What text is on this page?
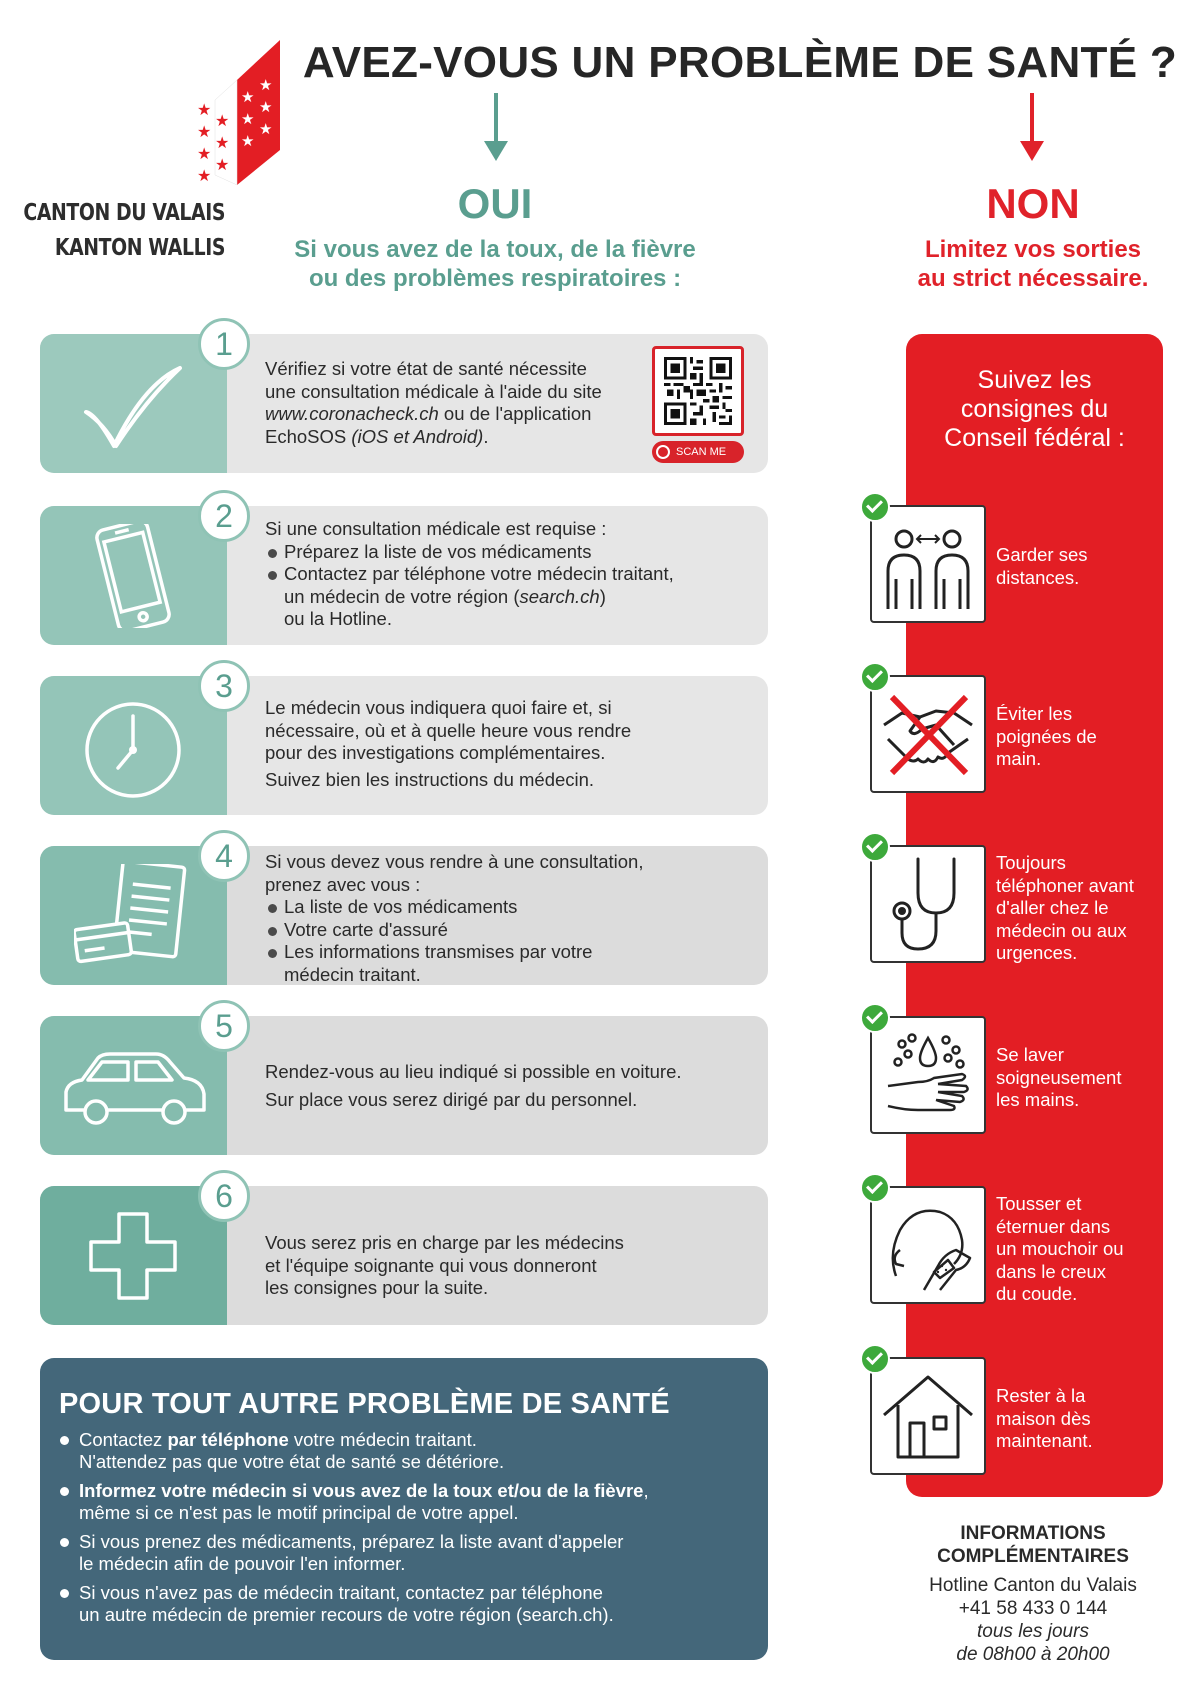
★
★
★
★
★
★
★
★
★
★
★
★
★
CANTON DU VALAIS
KANTON WALLIS
AVEZ-VOUS UN PROBLÈME DE SANTÉ ?
OUI	NON
Si vous avez de la toux, de la fièvre
ou des problèmes respiratoires :
Limitez vos sorties
au strict nécessaire.
1

Vérifiez si votre état de santé nécessite

une consultation médicale à l'aide du site

www.coronacheck.ch ou de l'application

EchoSOS (iOS et Android).

SCAN ME
2	Si une consultation médicale est requise :

Préparez la liste de vos médicaments
Contactez par téléphone votre médecin traitant,
un médecin de votre région (search.ch)
ou la Hotline.
3

Le médecin vous indiquera quoi faire et, si

nécessaire, où et à quelle heure vous rendre

pour des investigations complémentaires.

Suivez bien les instructions du médecin.

4	Si vous devez vous rendre à une consultation,

prenez avec vous :

La liste de vos médicaments
Votre carte d'assuré
Les informations transmises par votre
médecin traitant.
5

Rendez-vous au lieu indiqué si possible en voiture.

Sur place vous serez dirigé par du personnel.

6

Vous serez pris en charge par les médecins

et l'équipe soignante qui vous donneront

les consignes pour la suite.

POUR TOUT AUTRE PROBLÈME DE SANTÉ
Contactez par téléphone votre médecin traitant.
N'attendez pas que votre état de santé se détériore.
Informez votre médecin si vous avez de la toux et/ou de la fièvre,
même si ce n'est pas le motif principal de votre appel.
Si vous prenez des médicaments, préparez la liste avant d'appeler
le médecin afin de pouvoir l'en informer.
Si vous n'avez pas de médecin traitant, contactez par téléphone
un autre médecin de premier recours de votre région (search.ch).
Suivez les
consignes du
Conseil fédéral :
Garder ses
distances.
Éviter les
poignées de
main.
Toujours
téléphoner avant
d'aller chez le
médecin ou aux
urgences.
Se laver
soigneusement
les mains.
Tousser et
éternuer dans
un mouchoir ou
dans le creux
du coude.
Rester à la
maison dès
maintenant.
INFORMATIONS
COMPLÉMENTAIRES
Hotline Canton du Valais
+41 58 433 0 144
tous les jours
de 08h00 à 20h00
